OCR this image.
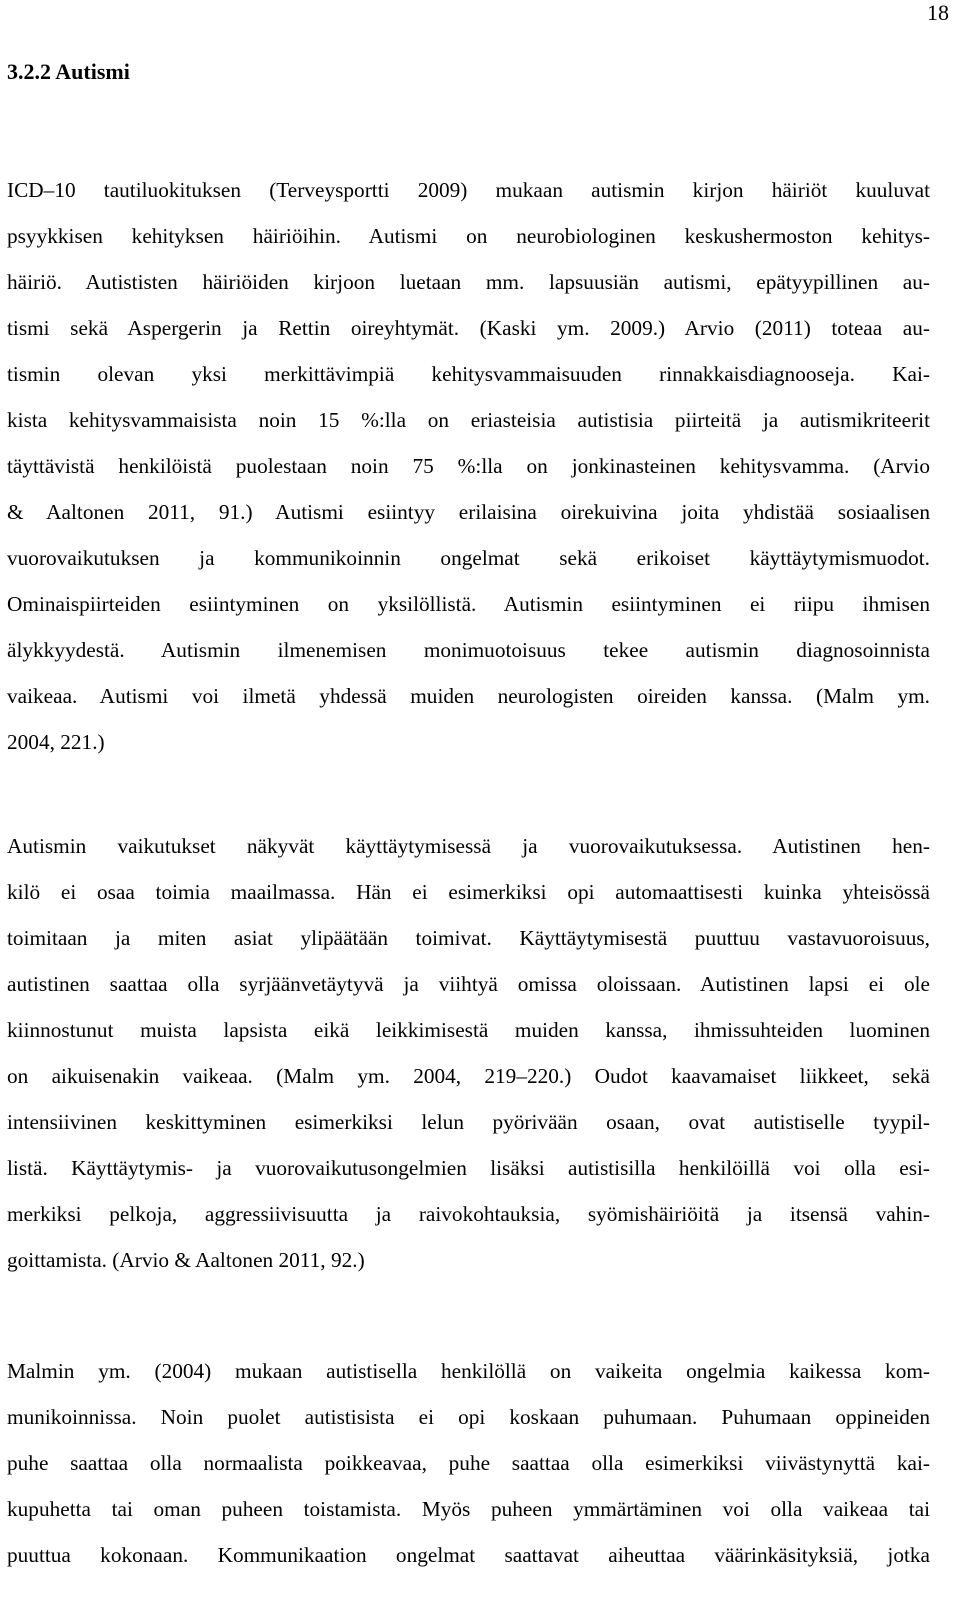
18
3.2.2 Autismi
ICD–10 tautiluokituksen (Terveysportti 2009) mukaan autismin kirjon häiriöt kuuluvat
psyykkisen kehityksen häiriöihin. Autismi on neurobiologinen keskushermoston kehitys-
häiriö. Autististen häiriöiden kirjoon luetaan mm. lapsuusiän autismi, epätyypillinen au-
tismi sekä Aspergerin ja Rettin oireyhtymät. (Kaski ym. 2009.) Arvio (2011) toteaa au-
tismin olevan yksi merkittävimpiä kehitysvammaisuuden rinnakkaisdiagnooseja. Kai-
kista kehitysvammaisista noin 15 %:lla on eriasteisia autistisia piirteitä ja autismikriteerit
täyttävistä henkilöistä puolestaan noin 75 %:lla on jonkinasteinen kehitysvamma. (Arvio
& Aaltonen 2011, 91.) Autismi esiintyy erilaisina oirekuivina joita yhdistää sosiaalisen
vuorovaikutuksen ja kommunikoinnin ongelmat sekä erikoiset käyttäytymismuodot.
Ominaispiirteiden esiintyminen on yksilöllistä. Autismin esiintyminen ei riipu ihmisen
älykkyydestä. Autismin ilmenemisen monimuotoisuus tekee autismin diagnosoinnista
vaikeaa. Autismi voi ilmetä yhdessä muiden neurologisten oireiden kanssa. (Malm ym.
2004, 221.)
Autismin vaikutukset näkyvät käyttäytymisessä ja vuorovaikutuksessa. Autistinen hen-
kilö ei osaa toimia maailmassa. Hän ei esimerkiksi opi automaattisesti kuinka yhteisössä
toimitaan ja miten asiat ylipäätään toimivat. Käyttäytymisestä puuttuu vastavuoroisuus,
autistinen saattaa olla syrjäänvetäytyvä ja viihtyä omissa oloissaan. Autistinen lapsi ei ole
kiinnostunut muista lapsista eikä leikkimisestä muiden kanssa, ihmissuhteiden luominen
on aikuisenakin vaikeaa. (Malm ym. 2004, 219–220.) Oudot kaavamaiset liikkeet, sekä
intensiivinen keskittyminen esimerkiksi lelun pyörivään osaan, ovat autistiselle tyypil-
listä. Käyttäytymis- ja vuorovaikutusongelmien lisäksi autistisilla henkilöillä voi olla esi-
merkiksi pelkoja, aggressiivisuutta ja raivokohtauksia, syömishäiriöitä ja itsensä vahin-
goittamista. (Arvio & Aaltonen 2011, 92.)
Malmin ym. (2004) mukaan autistisella henkilöllä on vaikeita ongelmia kaikessa kom-
munikoinnissa. Noin puolet autistisista ei opi koskaan puhumaan. Puhumaan oppineiden
puhe saattaa olla normaalista poikkeavaa, puhe saattaa olla esimerkiksi viivästynyttä kai-
kupuhetta tai oman puheen toistamista. Myös puheen ymmärtäminen voi olla vaikeaa tai
puuttua kokonaan. Kommunikaation ongelmat saattavat aiheuttaa väärinkäsityksiä, jotka
